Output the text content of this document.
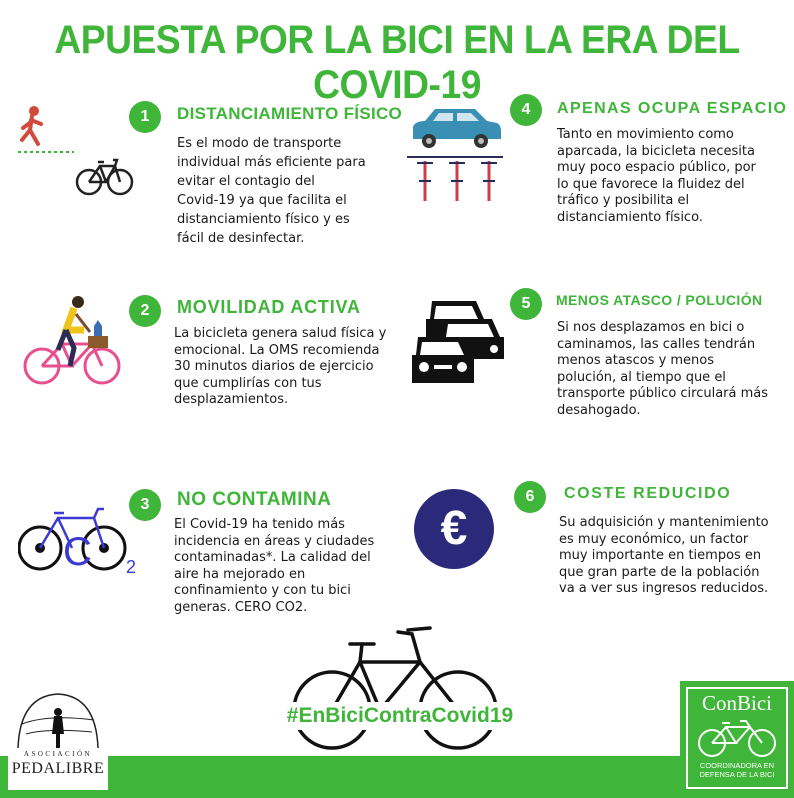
APUESTA POR LA BICI EN LA ERA DEL COVID-19
1	DISTANCIAMIENTO FÍSICO
Es el modo de transporte
individual más eficiente para
evitar el contagio del
Covid-19 ya que facilita el
distanciamiento físico y es
fácil de desinfectar.
2	MOVILIDAD ACTIVA
La bicicleta genera salud física y
emocional. La OMS recomienda
30 minutos diarios de ejercicio
que cumplirías con tus
desplazamientos.
C 2
3	NO CONTAMINA
El Covid-19 ha tenido más
incidencia en áreas y ciudades
contaminadas*. La calidad del
aire ha mejorado en
confinamiento y con tu bici
generas. CERO CO2.
4	APENAS OCUPA ESPACIO
Tanto en movimiento como
aparcada, la bicicleta necesita
muy poco espacio público, por
lo que favorece la fluidez del
tráfico y posibilita el
distanciamiento físico.
5	MENOS ATASCO / POLUCIÓN
Si nos desplazamos en bici o
caminamos, las calles tendrán
menos atascos y menos
polución, al tiempo que el
transporte público circulará más
desahogado.
€
6	COSTE REDUCIDO
Su adquisición y mantenimiento
es muy económico, un factor
muy importante en tiempos en
que gran parte de la población
va a ver sus ingresos reducidos.
#EnBiciContraCovid19
ASOCIACIÓN
PEDALIBRE
ConBici
COORDINADORA EN
DEFENSA DE LA BICI
